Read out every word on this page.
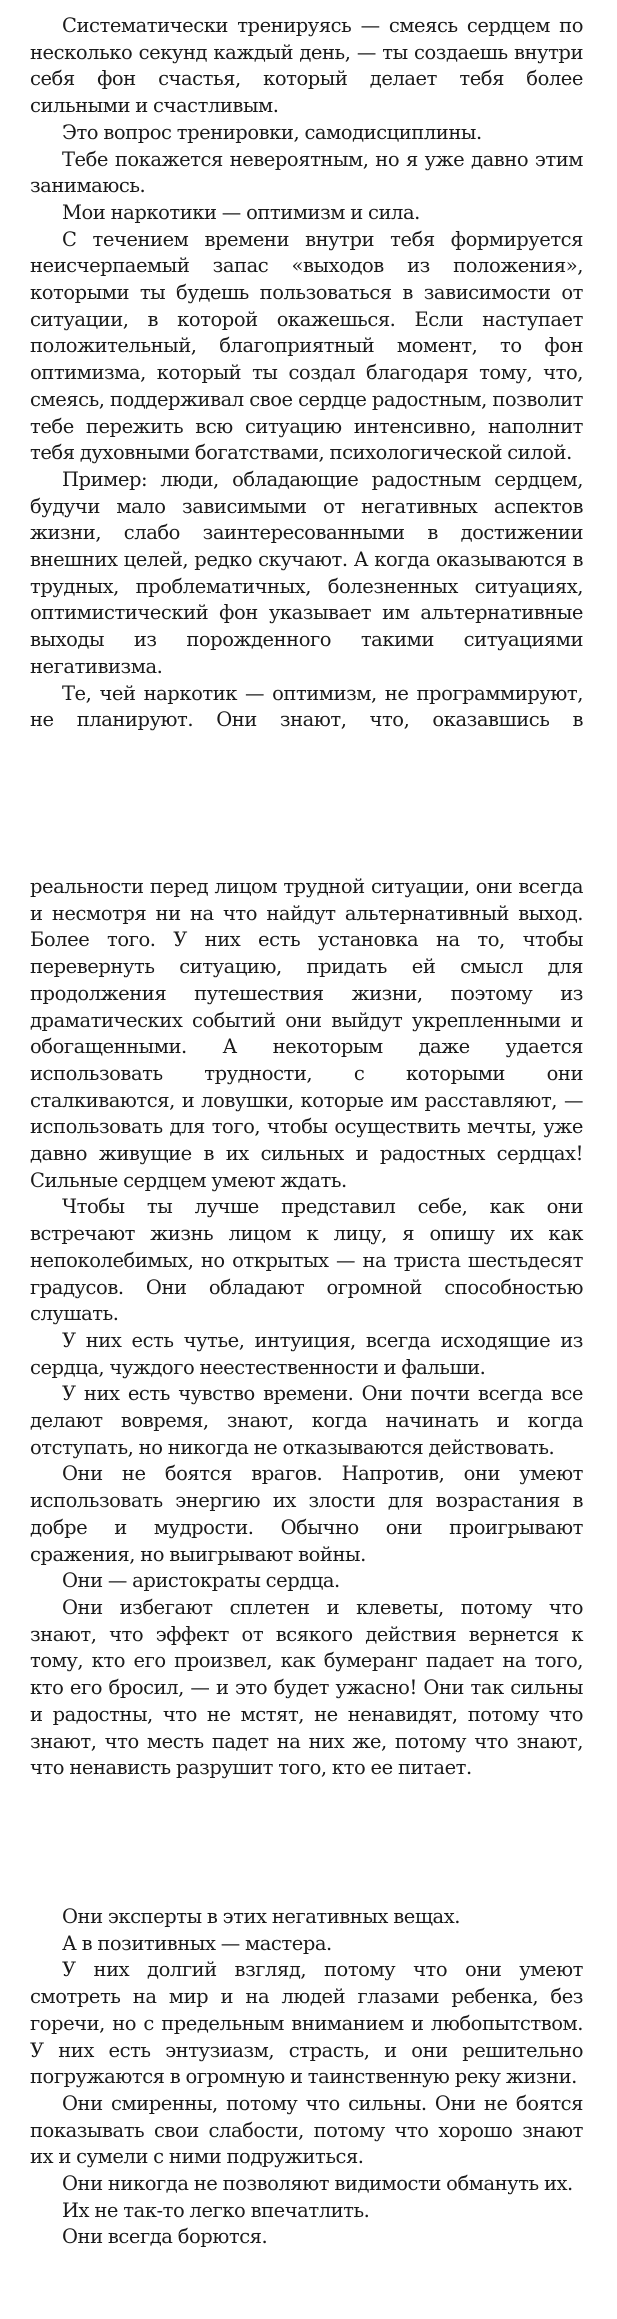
Систематически тренируясь — смеясь сердцем по несколько секунд каждый день, — ты создаешь внутри себя фон счастья, который делает тебя более сильными и счастливым.

Это вопрос тренировки, самодисциплины.

Тебе покажется невероятным, но я уже давно этим занимаюсь.

Мои наркотики — оптимизм и сила.

С течением времени внутри тебя формируется неисчерпаемый запас «выходов из положения», которыми ты будешь пользоваться в зависимости от ситуации, в которой окажешься. Если наступает положительный, благоприятный момент, то фон оптимизма, который ты создал благодаря тому, что, смеясь, поддерживал свое сердце радостным, позволит тебе пережить всю ситуацию интенсивно, наполнит тебя духовными богатствами, психологической силой.

Пример: люди, обладающие радостным сердцем, будучи мало зависимыми от негативных аспектов жизни, слабо заинтересованными в достижении внешних целей, редко скучают. А когда оказываются в трудных, проблематичных, болезненных ситуациях, оптимистический фон указывает им альтернативные выходы из порожденного такими ситуациями негативизма.

Те, чей наркотик — оптимизм, не программируют, не планируют. Они знают, что, оказавшись в

реальности перед лицом трудной ситуации, они всегда и несмотря ни на что найдут альтернативный выход. Более того. У них есть установка на то, чтобы перевернуть ситуацию, придать ей смысл для продолжения путешествия жизни, поэтому из драматических событий они выйдут укрепленными и обогащенными. А некоторым даже удается использовать трудности, с которыми они сталкиваются, и ловушки, которые им расставляют, — использовать для того, чтобы осуществить мечты, уже давно живущие в их сильных и радостных сердцах! Сильные сердцем умеют ждать.

Чтобы ты лучше представил себе, как они встречают жизнь лицом к лицу, я опишу их как непоколебимых, но открытых — на триста шестьдесят градусов. Они обладают огромной способностью слушать.

У них есть чутье, интуиция, всегда исходящие из сердца, чуждого неестественности и фальши.

У них есть чувство времени. Они почти всегда все делают вовремя, знают, когда начинать и когда отступать, но никогда не отказываются действовать.

Они не боятся врагов. Напротив, они умеют использовать энергию их злости для возрастания в добре и мудрости. Обычно они проигрывают сражения, но выигрывают войны.

Они — аристократы сердца.

Они избегают сплетен и клеветы, потому что знают, что эффект от всякого действия вернется к тому, кто его произвел, как бумеранг падает на того, кто его бросил, — и это будет ужасно! Они так сильны и радостны, что не мстят, не ненавидят, потому что знают, что месть падет на них же, потому что знают, что ненависть разрушит того, кто ее питает.

Они эксперты в этих негативных вещах.

А в позитивных — мастера.

У них долгий взгляд, потому что они умеют смотреть на мир и на людей глазами ребенка, без горечи, но с предельным вниманием и любопытством. У них есть энтузиазм, страсть, и они решительно погружаются в огромную и таинственную реку жизни.

Они смиренны, потому что сильны. Они не боятся показывать свои слабости, потому что хорошо знают их и сумели с ними подружиться.

Они никогда не позволяют видимости обмануть их.

Их не так-то легко впечатлить.

Они всегда борются.
